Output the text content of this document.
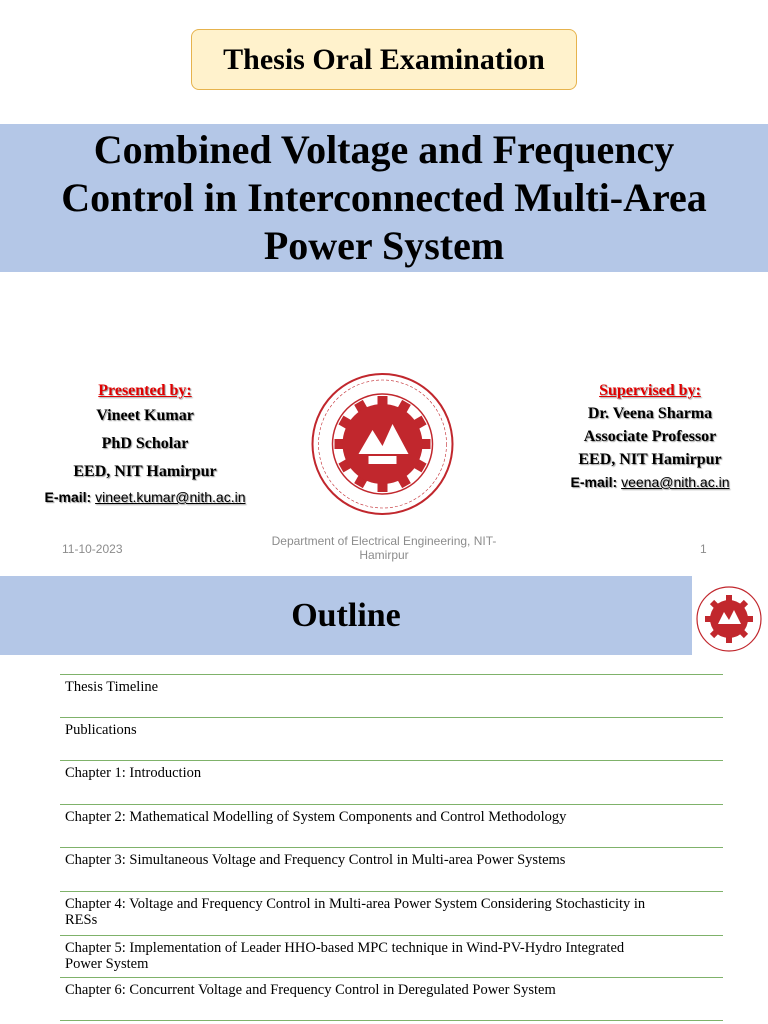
Thesis Oral Examination
Combined Voltage and Frequency
Control in Interconnected Multi-Area
Power System
Presented by:
Vineet Kumar
PhD Scholar
EED, NIT Hamirpur
E-mail: vineet.kumar@nith.ac.in
Supervised by:
Dr. Veena Sharma
Associate Professor
EED, NIT Hamirpur
E-mail: veena@nith.ac.in
11-10-2023
Department of Electrical Engineering, NIT-
Hamirpur	1
Outline
Thesis Timeline
Publications
Chapter 1: Introduction
Chapter 2: Mathematical Modelling of System Components and Control Methodology
Chapter 3: Simultaneous Voltage and Frequency Control in Multi-area Power Systems
Chapter 4: Voltage and Frequency Control in Multi-area Power System Considering Stochasticity in
RESs
Chapter 5: Implementation of Leader HHO-based MPC technique in Wind-PV-Hydro Integrated
Power System
Chapter 6: Concurrent Voltage and Frequency Control in Deregulated Power System
